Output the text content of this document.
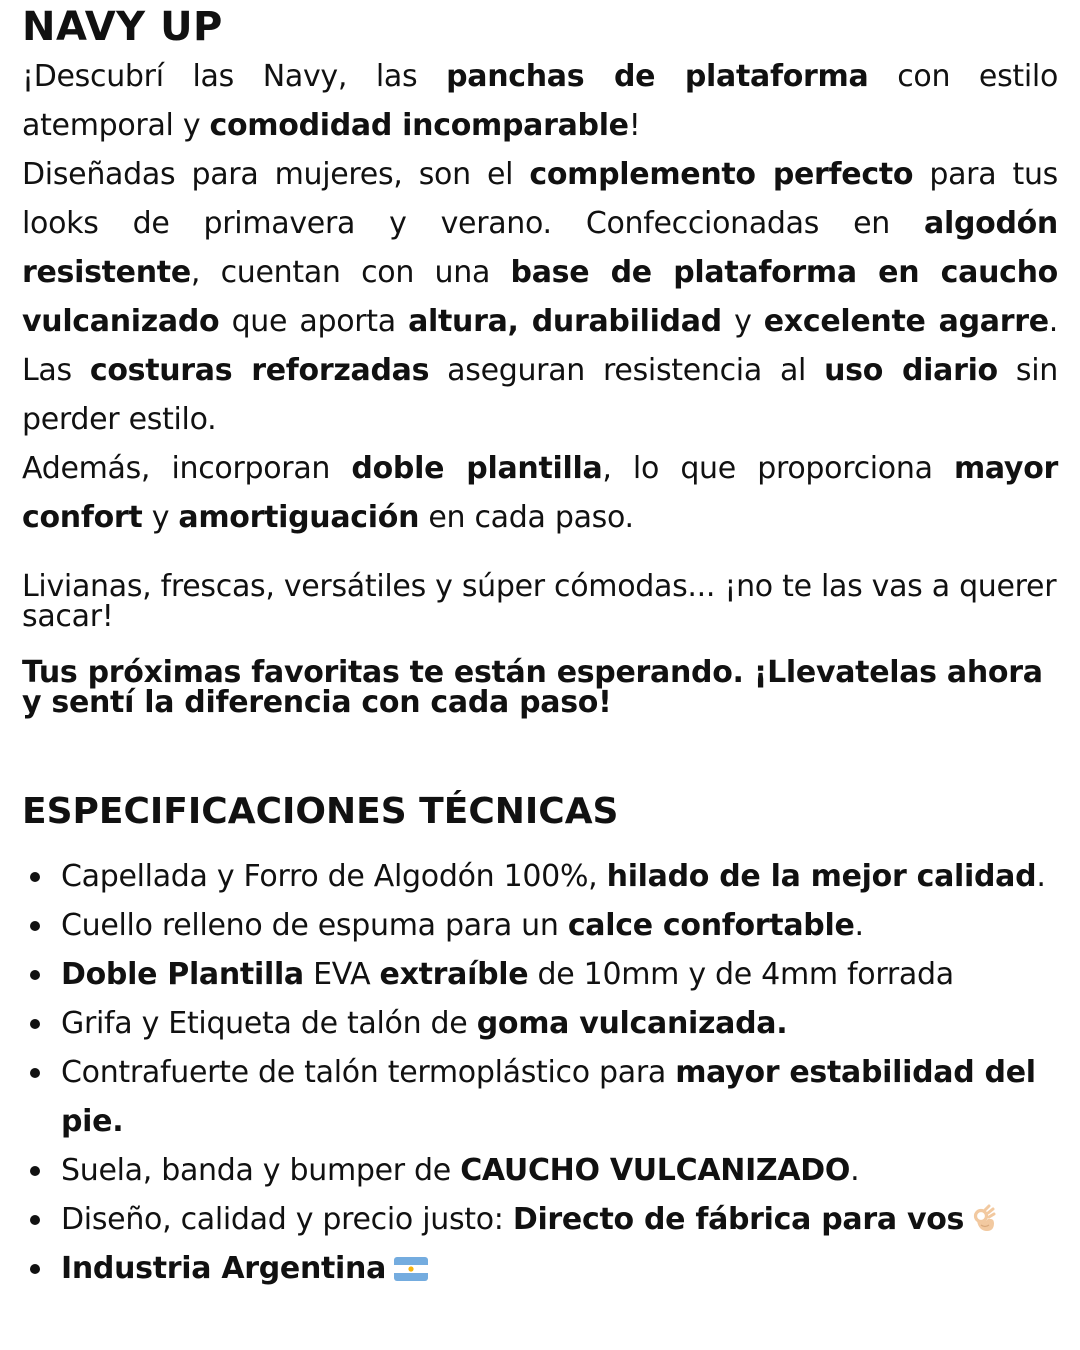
NAVY UP

¡Descubrí las Navy, las panchas de plataforma con estilo atemporal y comodidad incomparable!

Diseñadas para mujeres, son el complemento perfecto para tus looks de primavera y verano. Confeccionadas en algodón resistente, cuentan con una base de plataforma en caucho vulcanizado que aporta altura, durabilidad y excelente agarre. Las costuras reforzadas aseguran resistencia al uso diario sin perder estilo.

Además, incorporan doble plantilla, lo que proporciona mayor confort y amortiguación en cada paso.

Livianas, frescas, versátiles y súper cómodas... ¡no te las vas a querer sacar!

Tus próximas favoritas te están esperando. ¡Llevatelas ahora y sentí la diferencia con cada paso!

ESPECIFICACIONES TÉCNICAS
Capellada y Forro de Algodón 100%, hilado de la mejor calidad.
Cuello relleno de espuma para un calce confortable.
Doble Plantilla EVA extraíble de 10mm y de 4mm forrada
Grifa y Etiqueta de talón de goma vulcanizada.
Contrafuerte de talón termoplástico para mayor estabilidad del pie.
Suela, banda y bumper de CAUCHO VULCANIZADO.
Diseño, calidad y precio justo: Directo de fábrica para vos
Industria Argentina
